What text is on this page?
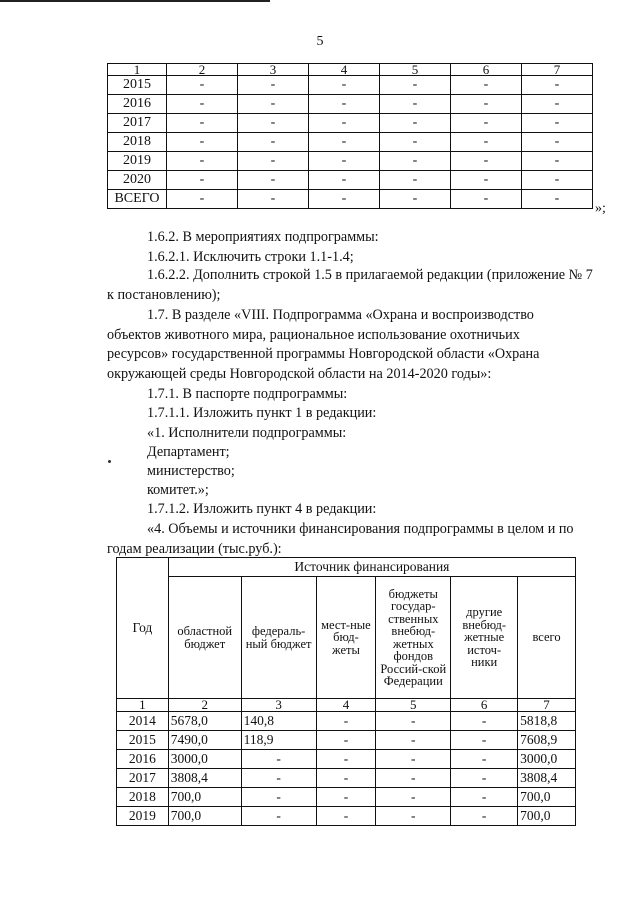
5
1	2	3	4	5	6	7
2015	-	-	-	-	-	-
2016	-	-	-	-	-	-
2017	-	-	-	-	-	-
2018	-	-	-	-	-	-
2019	-	-	-	-	-	-
2020	-	-	-	-	-	-
ВСЕГО	-	-	-	-	-	-
»;
1.6.2. В мероприятиях подпрограммы:
1.6.2.1. Исключить строки 1.1-1.4;
1.6.2.2. Дополнить строкой 1.5 в прилагаемой редакции (приложение № 7
к постановлению);
1.7. В разделе «VIII. Подпрограмма «Охрана и воспроизводство
объектов животного мира, рациональное использование охотничьих
ресурсов» государственной программы Новгородской области «Охрана
окружающей среды Новгородской области на 2014-2020 годы»:
1.7.1. В паспорте подпрограммы:
1.7.1.1. Изложить пункт 1 в редакции:
«1. Исполнители подпрограммы:
Департамент;
министерство;
комитет.»;
1.7.1.2. Изложить пункт 4 в редакции:
«4. Объемы и источники финансирования подпрограммы в целом и по
годам реализации (тыс.руб.):
Год	Источник финансирования					
	областной бюджет	федераль-ный бюджет	мест-ные бюд-жеты	бюджеты государ-ственных внебюд-жетных фондов Россий-ской Федерации	другие внебюд-жетные источ-ники	всего
1	2	3	4	5	6	7
2014	5678,0	140,8	-	-	-	5818,8
2015	7490,0	118,9	-	-	-	7608,9
2016	3000,0	-	-	-	-	3000,0
2017	3808,4	-	-	-	-	3808,4
2018	700,0	-	-	-	-	700,0
2019	700,0	-	-	-	-	700,0
